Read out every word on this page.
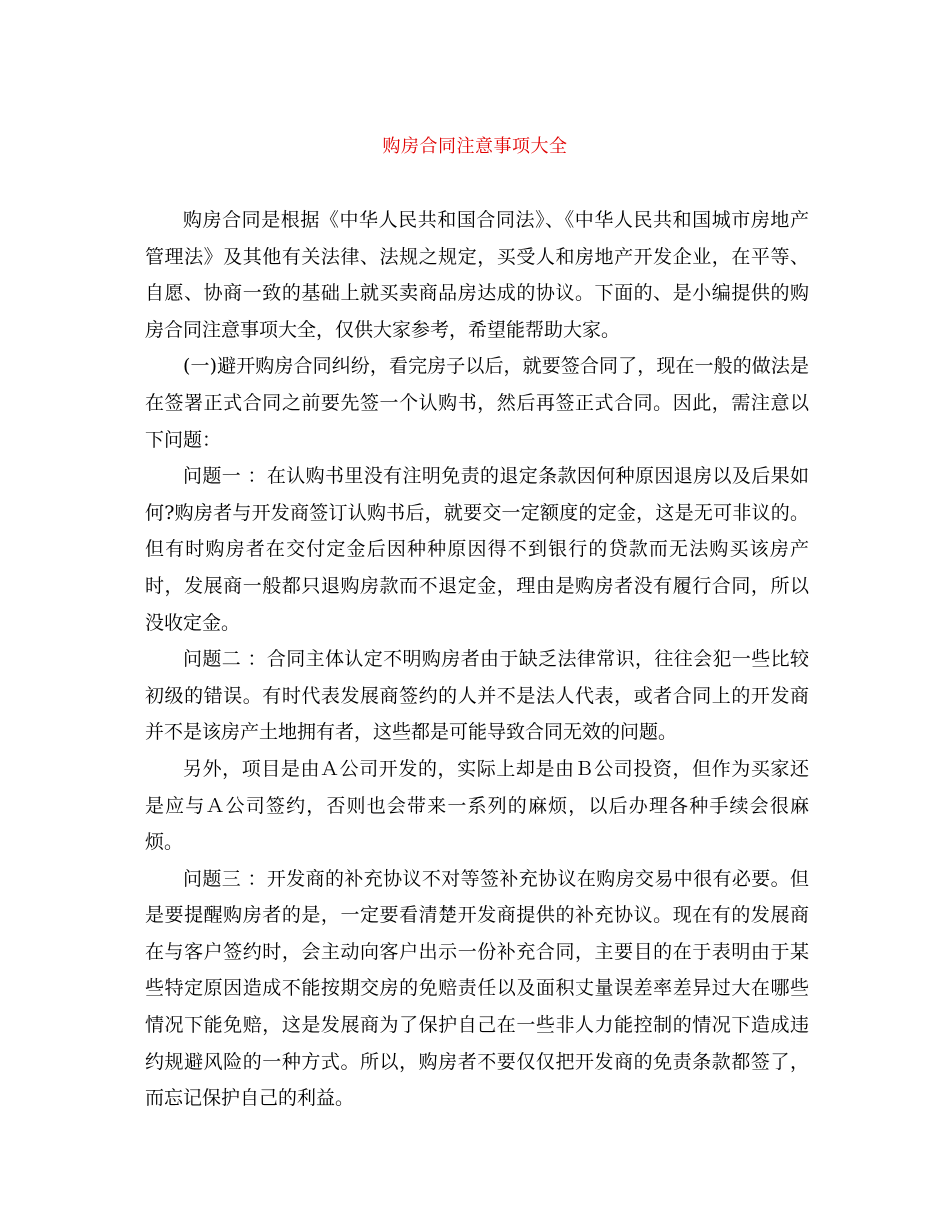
购房合同注意事项大全

购房合同是根据《中华人民共和国合同法》、《中华人民共和国城市房地产管理法》及其他有关法律、法规之规定，买受人和房地产开发企业，在平等、自愿、协商一致的基础上就买卖商品房达成的协议。下面的、是小编提供的购房合同注意事项大全，仅供大家参考，希望能帮助大家。

(一)避开购房合同纠纷，看完房子以后，就要签合同了，现在一般的做法是在签署正式合同之前要先签一个认购书，然后再签正式合同。因此，需注意以下问题：

问题一 ：在认购书里没有注明免责的退定条款因何种原因退房以及后果如何?购房者与开发商签订认购书后，就要交一定额度的定金，这是无可非议的。但有时购房者在交付定金后因种种原因得不到银行的贷款而无法购买该房产时，发展商一般都只退购房款而不退定金，理由是购房者没有履行合同，所以没收定金。

问题二 ：合同主体认定不明购房者由于缺乏法律常识，往往会犯一些比较初级的错误。有时代表发展商签约的人并不是法人代表，或者合同上的开发商并不是该房产土地拥有者，这些都是可能导致合同无效的问题。

另外，项目是由Ａ公司开发的，实际上却是由Ｂ公司投资，但作为买家还是应与Ａ公司签约，否则也会带来一系列的麻烦，以后办理各种手续会很麻烦。

问题三 ：开发商的补充协议不对等签补充协议在购房交易中很有必要。但是要提醒购房者的是，一定要看清楚开发商提供的补充协议。现在有的发展商在与客户签约时，会主动向客户出示一份补充合同，主要目的在于表明由于某些特定原因造成不能按期交房的免赔责任以及面积丈量误差率差异过大在哪些情况下能免赔，这是发展商为了保护自己在一些非人力能控制的情况下造成违约规避风险的一种方式。所以，购房者不要仅仅把开发商的免责条款都签了，而忘记保护自己的利益。
